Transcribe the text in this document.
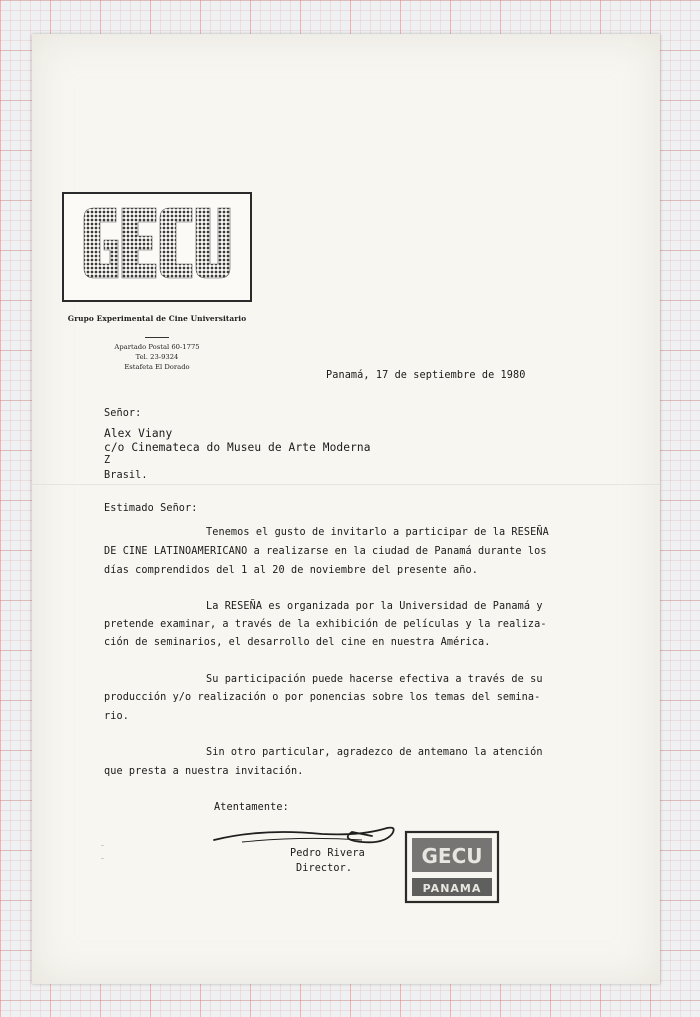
Grupo Experimental de Cine Universitario
Apartado Postal 60-1775
Tel. 23-9324
Estafeta El Dorado
Panamá, 17 de septiembre de 1980
Señor:
Alex Viany
c/o Cinemateca do Museu de Arte Moderna
Z
Brasil.
Estimado Señor:
Tenemos el gusto de invitarlo a participar de la RESEÑA
DE CINE LATINOAMERICANO a realizarse en la ciudad de Panamá durante los
días comprendidos del 1 al 20 de noviembre del presente año.
La RESEÑA es organizada por la Universidad de Panamá y
pretende examinar, a través de la exhibición de películas y la realiza-
ción de seminarios, el desarrollo del cine en nuestra América.
Su participación puede hacerse efectiva a través de su
producción y/o realización o por ponencias sobre los temas del semina-
rio.
Sin otro particular, agradezco de antemano la atención
que presta a nuestra invitación.
Atentamente:
Pedro Rivera
Director.
–
–	GECU
PANAMA
